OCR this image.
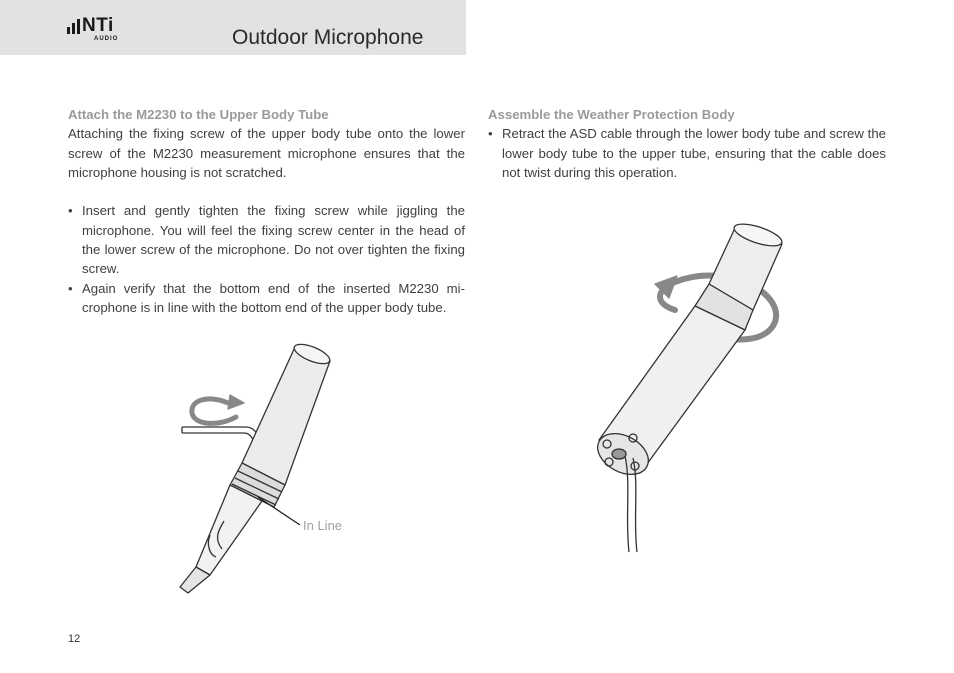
NTi
AUDIO	Outdoor Microphone
Attach the M2230 to the Upper Body Tube

Attaching the fixing screw of the upper body tube onto the lower screw of the M2230 measurement microphone ensures that the microphone housing is not scratched.

• Insert and gently tighten the fixing screw while jiggling the microphone. You will feel the fixing screw center in the head of the lower screw of the microphone. Do not over tighten the fixing screw.
• Again verify that the bottom end of the inserted M2230 mi-crophone is in line with the bottom end of the upper body tube.
Assemble the Weather Protection Body
• Retract the ASD cable through the lower body tube and screw the lower body tube to the upper tube, ensuring that the cable does not twist during this operation.
In Line
12
